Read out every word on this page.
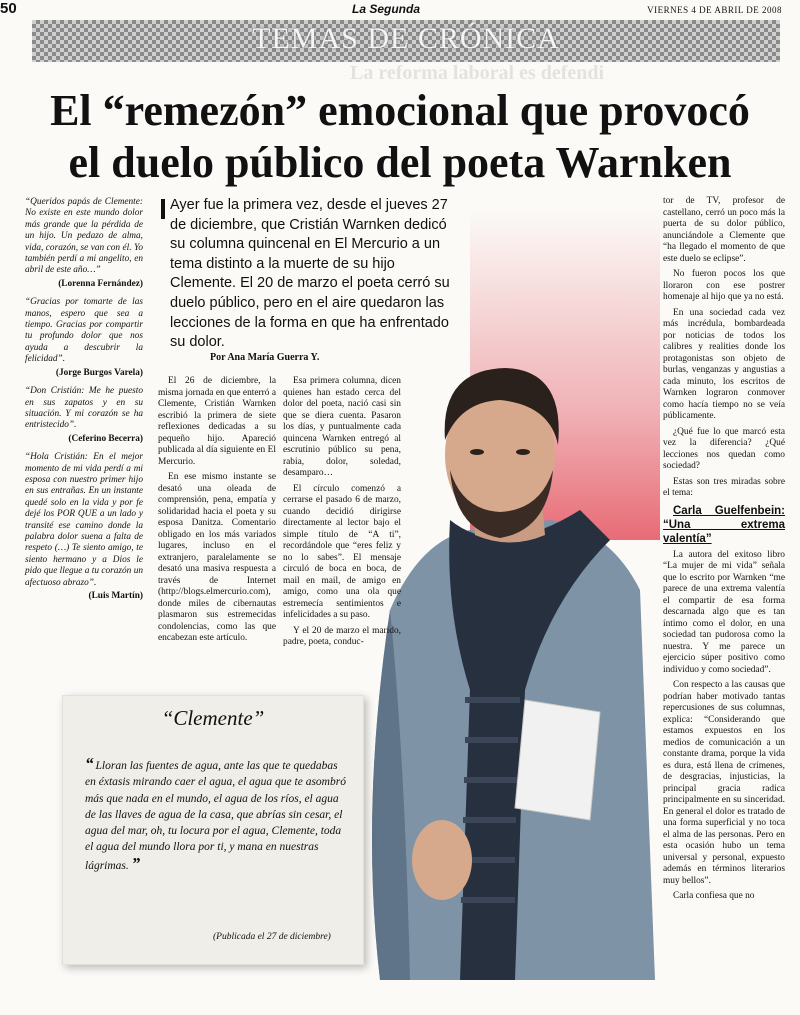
50	La Segunda	VIERNES 4 DE ABRIL DE 2008
TEMAS DE CRÓNICA
La reforma laboral es defendi
El “remezón” emocional que provocó
el duelo público del poeta Warnken
Ayer fue la primera vez, desde el jueves 27 de diciembre, que Cristián Warnken dedicó su columna quincenal en El Mercurio a un tema distinto a la muerte de su hijo Clemente. El 20 de marzo el poeta cerró su duelo público, pero en el aire quedaron las lecciones de la forma en que ha enfrentado su dolor.
Por Ana María Guerra Y.

“Queridos papás de Clemente: No existe en este mundo dolor más grande que la pérdida de un hijo. Un pedazo de alma, vida, corazón, se van con él. Yo también perdí a mi angelito, en abril de este año…”

(Lorenna Fernández)

“Gracias por tomarte de las manos, espero que sea a tiempo. Gracias por compartir tu profundo dolor que nos ayuda a descubrir la felicidad”.

(Jorge Burgos Varela)

“Don Cristián: Me he puesto en sus zapatos y en su situación. Y mi corazón se ha entristecido”.

(Ceferino Becerra)

“Hola Cristián: En el mejor momento de mi vida perdí a mi esposa con nuestro primer hijo en sus entrañas. En un instante quedé solo en la vida y por fe dejé los POR QUE a un lado y transité ese camino donde la palabra dolor suena a falta de respeto (…) Te siento amigo, te siento hermano y a Dios le pido que llegue a tu corazón un afectuoso abrazo”.

(Luis Martín)

El 26 de diciembre, la misma jornada en que enterró a Clemente, Cristián Warnken escribió la primera de siete reflexiones dedicadas a su pequeño hijo. Apareció publicada al día siguiente en El Mercurio.

En ese mismo instante se desató una oleada de comprensión, pena, empatía y solidaridad hacia el poeta y su esposa Danitza. Comentario obligado en los más variados lugares, incluso en el extranjero, paralelamente se desató una masiva respuesta a través de Internet (http://blogs.elmercurio.com), donde miles de cibernautas plasmaron sus estremecidas condolencias, como las que encabezan este artículo.

Esa primera columna, dicen quienes han estado cerca del dolor del poeta, nació casi sin que se diera cuenta. Pasaron los días, y puntualmente cada quincena Warnken entregó al escrutinio público su pena, rabia, dolor, soledad, desamparo…

El círculo comenzó a cerrarse el pasado 6 de marzo, cuando decidió dirigirse directamente al lector bajo el simple título de “A ti”, recordándole que “eres feliz y no lo sabes”. El mensaje circuló de boca en boca, de mail en mail, de amigo en amigo, como una ola que estremecía sentimientos e infelicidades a su paso.

Y el 20 de marzo el marido, padre, poeta, conduc-

tor de TV, profesor de castellano, cerró un poco más la puerta de su dolor público, anunciándole a Clemente que “ha llegado el momento de que este duelo se eclipse”.

No fueron pocos los que lloraron con ese postrer homenaje al hijo que ya no está.

En una sociedad cada vez más incrédula, bombardeada por noticias de todos los calibres y realities donde los protagonistas son objeto de burlas, venganzas y angustias a cada minuto, los escritos de Warnken lograron conmover como hacía tiempo no se veía públicamente.

¿Qué fue lo que marcó esta vez la diferencia? ¿Qué lecciones nos quedan como sociedad?

Estas son tres miradas sobre el tema:

Carla Guelfenbein: “Una extrema valentía”

La autora del exitoso libro “La mujer de mi vida” señala que lo escrito por Warnken “me parece de una extrema valentía el compartir de esa forma descarnada algo que es tan íntimo como el dolor, en una sociedad tan pudorosa como la nuestra. Y me parece un ejercicio súper positivo como individuo y como sociedad”.

Con respecto a las causas que podrían haber motivado tantas repercusiones de sus columnas, explica: “Considerando que estamos expuestos en los medios de comunicación a un constante drama, porque la vida es dura, está llena de crímenes, de desgracias, injusticias, la principal gracia radica principalmente en su sinceridad. En general el dolor es tratado de una forma superficial y no toca el alma de las personas. Pero en esta ocasión hubo un tema universal y personal, expuesto además en términos literarios muy bellos”.

Carla confiesa que no

“Clemente”
“ Lloran las fuentes de agua, ante las que te quedabas en éxtasis mirando caer el agua, el agua que te asombró más que nada en el mundo, el agua de los ríos, el agua de las llaves de agua de la casa, que abrías sin cesar, el agua del mar, oh, tu locura por el agua, Clemente, toda el agua del mundo llora por ti, y mana en nuestras lágrimas. ”
(Publicada el 27 de diciembre)
